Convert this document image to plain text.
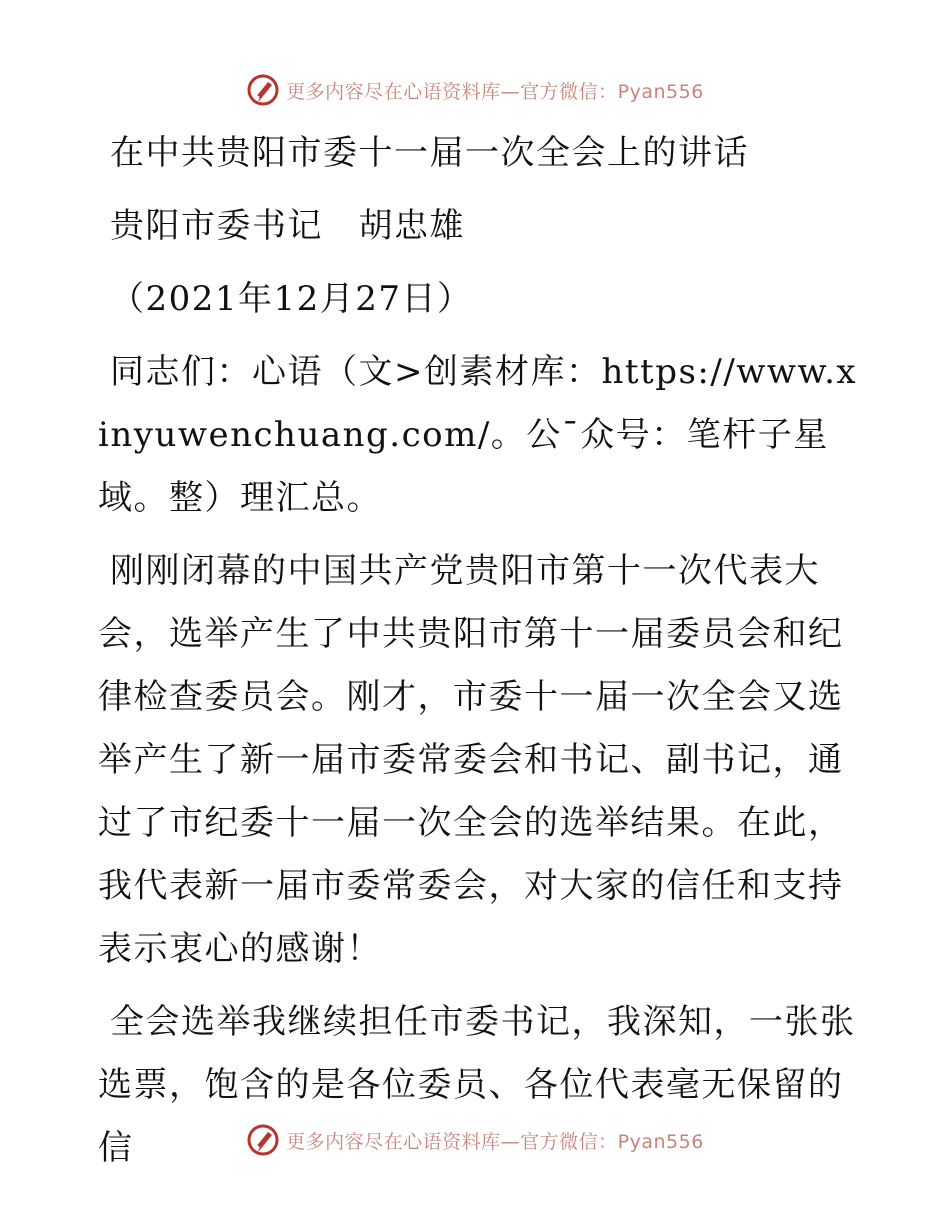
更多内容尽在心语资料库—官方微信：Pyan556

在中共贵阳市委十一届一次全会上的讲话

贵阳市委书记　胡忠雄

（2021年12月27日）

同志们：心语（文>创素材库：https://www.xinyuwenchuang.com/。公¯众号：笔杆子星域。整）理汇总。

刚刚闭幕的中国共产党贵阳市第十一次代表大会，选举产生了中共贵阳市第十一届委员会和纪律检查委员会。刚才，市委十一届一次全会又选举产生了新一届市委常委会和书记、副书记，通过了市纪委十一届一次全会的选举结果。在此，我代表新一届市委常委会，对大家的信任和支持表示衷心的感谢！

全会选举我继续担任市委书记，我深知，一张张选票，饱含的是各位委员、各位代表毫无保留的信	更多内容尽在心语资料库—官方微信：Pyan556
